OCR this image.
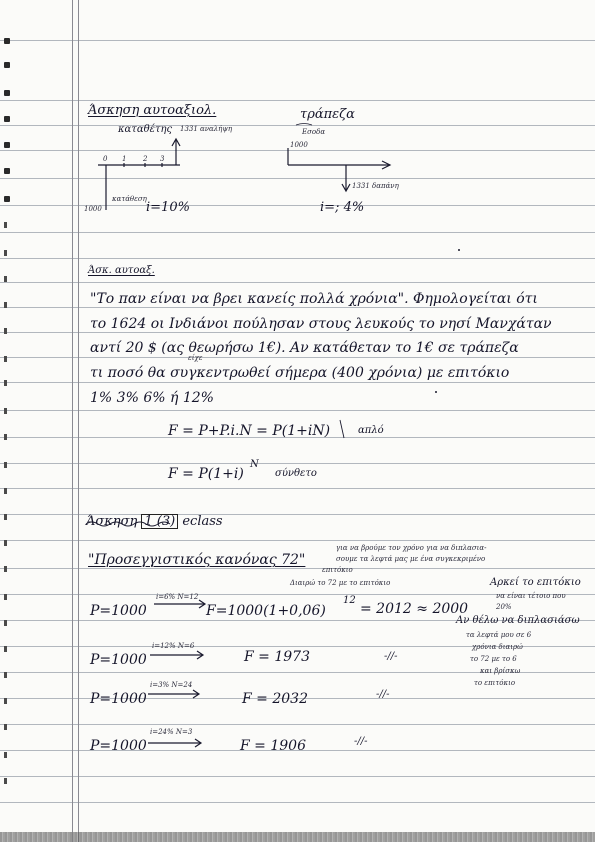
Άσκηση αυτοαξιολ.
καταθέτης
τράπεζα
Εσοδα
1331 αναλήψη
0 1 2 3
1000
1331 δαπάνη
κατάθεση
1000	i=10%	i=; 4%
Άσκ. αυτοαξ.
"Το παν είναι να βρει κανείς πολλά χρόνια". Φημολογείται ότι
το 1624 οι Ινδιάνοι πούλησαν στους λευκούς το νησί Μανχάταν
αντί 20 $ (ας θεωρήσω 1€). Αν κατάθεταν το 1€ σε τράπεζα
είχε
τι ποσό θα συγκεντρωθεί σήμερα (400 χρόνια) με επιτόκιο
1% 3% 6% ή 12%
F = P+P.i.N = P(1+iN)	απλό
F = P(1+i)
N
σύνθετο
Άσκηση 1 (3) eclass
"Προσεγγιστικός κανόνας 72"
για να βρούμε τον χρόνο για να διπλασια-
σουμε τα λεφτά μας με ένα συγκεκριμένο
επιτόκιο
Διαιρώ το 72 με το επιτόκιο	Αρκεί το επιτόκιο
να είναι τέτοιο που
20%
Αν θέλω να διπλασιάσω
τα λεφτά μου σε 6
χρόνια διαιρώ
το 72 με το 6
και βρίσκω
το επιτόκιο
P=1000
i=6% N=12
F=1000(1+0,06)
12
= 2012 ≈ 2000
P=1000
i=12% N=6
F = 1973	-//-
P=1000
i=3% N=24
F = 2032	-//-
P=1000
i=24% N=3
F = 1906	-//-
